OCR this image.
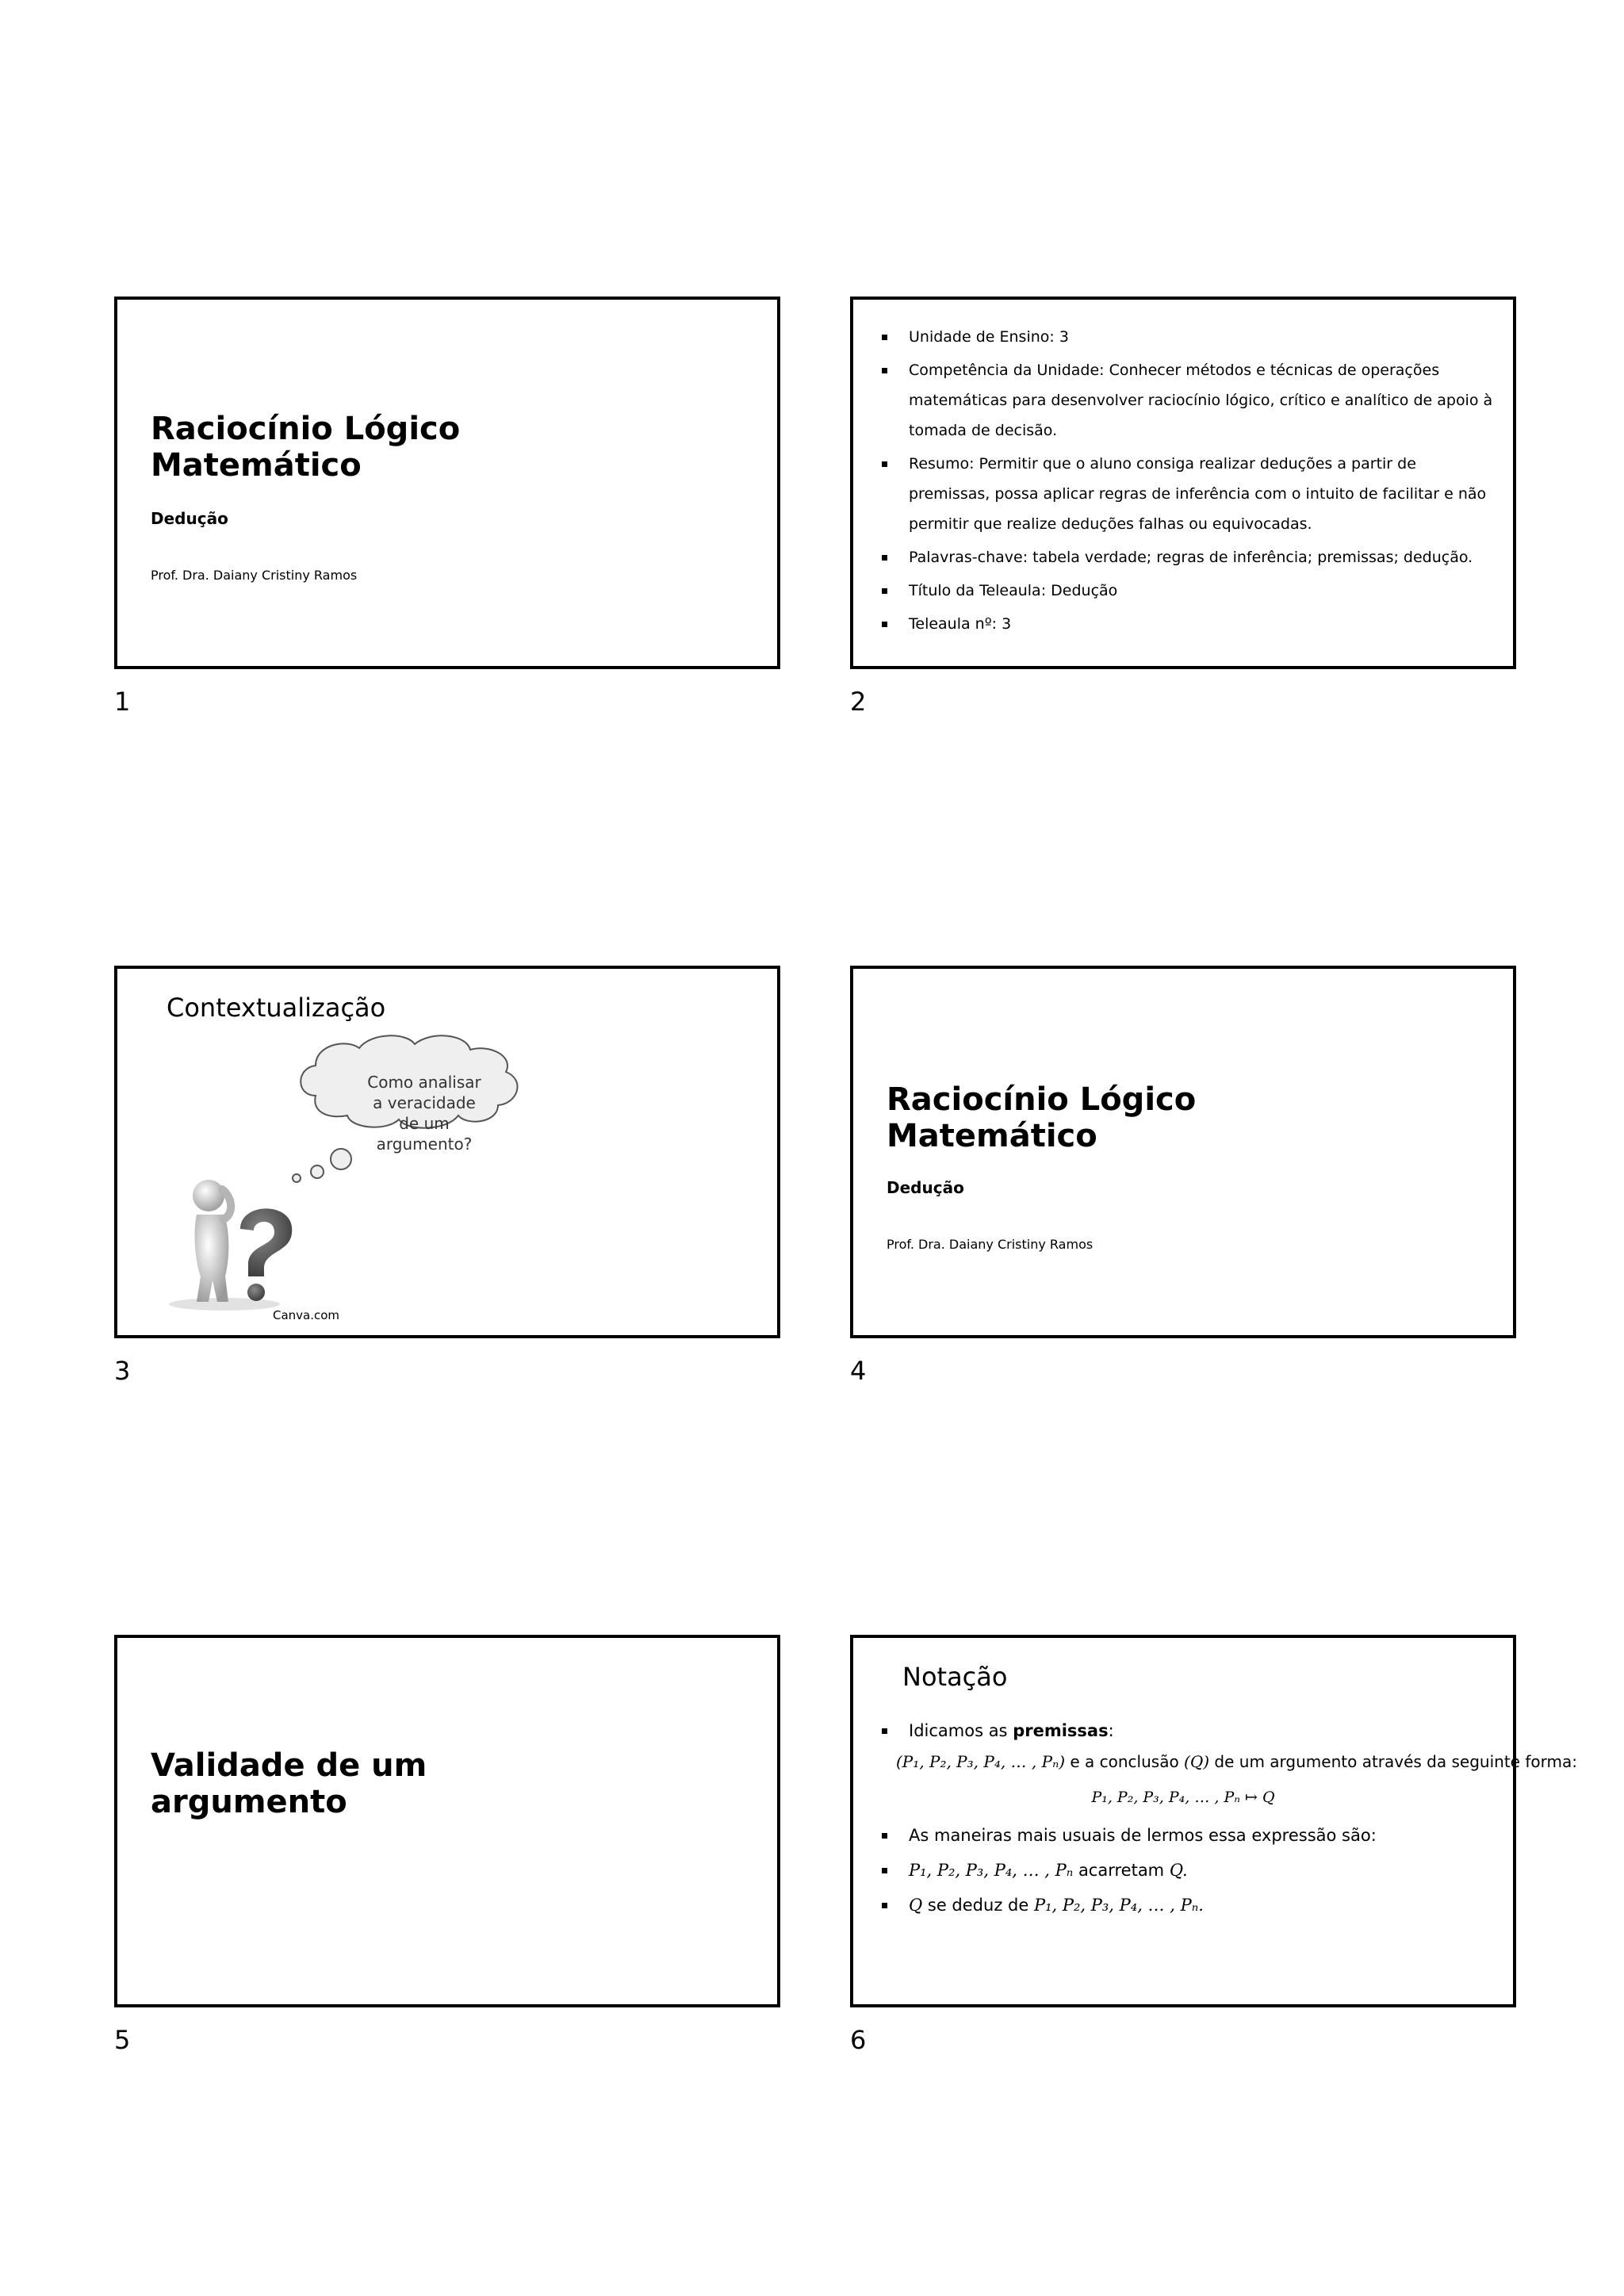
Raciocínio Lógico
Matemático
Dedução
Prof. Dra. Daiany Cristiny Ramos
1
Unidade de Ensino: 3
Competência da Unidade: Conhecer métodos e técnicas de operações matemáticas para desenvolver raciocínio lógico, crítico e analítico de apoio à tomada de decisão.
Resumo: Permitir que o aluno consiga realizar deduções a partir de premissas, possa aplicar regras de inferência com o intuito de facilitar e não permitir que realize deduções falhas ou equivocadas.
Palavras-chave: tabela verdade; regras de inferência; premissas; dedução.
Título da Teleaula: Dedução
Teleaula nº: 3
2
Contextualização
Como analisar a veracidade de um argumento?
Canva.com
3
Raciocínio Lógico
Matemático
Dedução
Prof. Dra. Daiany Cristiny Ramos
4
Validade de um
argumento
5
Notação
Idicamos as premissas:
(P₁, P₂, P₃, P₄, … , Pₙ) e a conclusão (Q) de um argumento através da seguinte forma:
P₁, P₂, P₃, P₄, … , Pₙ ↦ Q
As maneiras mais usuais de lermos essa expressão são:
P₁, P₂, P₃, P₄, … , Pₙ acarretam Q.
Q se deduz de P₁, P₂, P₃, P₄, … , Pₙ.
6
